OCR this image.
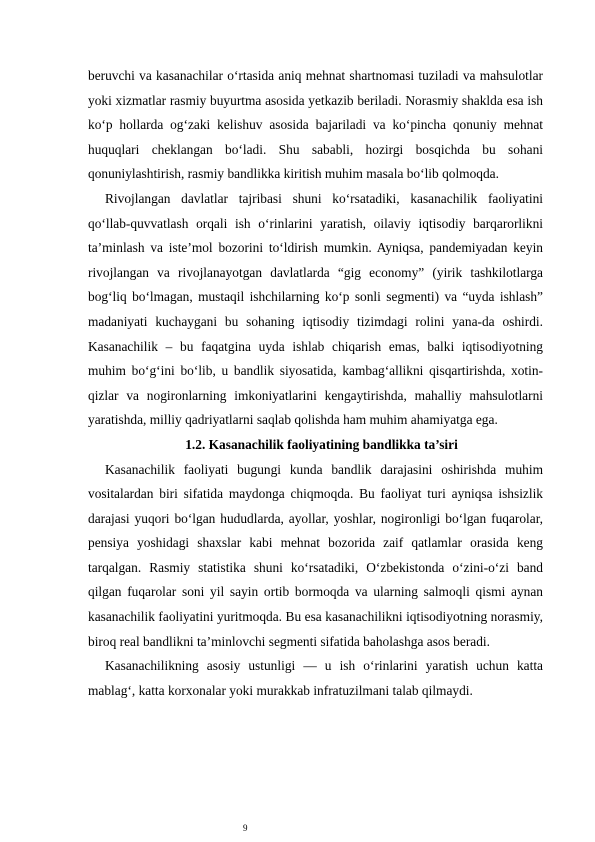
beruvchi va kasanachilar o‘rtasida aniq mehnat shartnomasi tuziladi va mahsulotlar yoki xizmatlar rasmiy buyurtma asosida yetkazib beriladi. Norasmiy shaklda esa ish ko‘p hollarda og‘zaki kelishuv asosida bajariladi va ko‘pincha qonuniy mehnat huquqlari cheklangan bo‘ladi. Shu sababli, hozirgi bosqichda bu sohani qonuniylashtirish, rasmiy bandlikka kiritish muhim masala bo‘lib qolmoqda.

Rivojlangan davlatlar tajribasi shuni ko‘rsatadiki, kasanachilik faoliyatini qo‘llab-quvvatlash orqali ish o‘rinlarini yaratish, oilaviy iqtisodiy barqarorlikni ta’minlash va iste’mol bozorini to‘ldirish mumkin. Ayniqsa, pandemiyadan keyin rivojlangan va rivojlanayotgan davlatlarda “gig economy” (yirik tashkilotlarga bog‘liq bo‘lmagan, mustaqil ishchilarning ko‘p sonli segmenti) va “uyda ishlash” madaniyati kuchaygani bu sohaning iqtisodiy tizimdagi rolini yana-da oshirdi. Kasanachilik – bu faqatgina uyda ishlab chiqarish emas, balki iqtisodiyotning muhim bo‘g‘ini bo‘lib, u bandlik siyosatida, kambag‘allikni qisqartirishda, xotin-qizlar va nogironlarning imkoniyatlarini kengaytirishda, mahalliy mahsulotlarni yaratishda, milliy qadriyatlarni saqlab qolishda ham muhim ahamiyatga ega.

1.2. Kasanachilik faoliyatining bandlikka ta’siri

Kasanachilik faoliyati bugungi kunda bandlik darajasini oshirishda muhim vositalardan biri sifatida maydonga chiqmoqda. Bu faoliyat turi ayniqsa ishsizlik darajasi yuqori bo‘lgan hududlarda, ayollar, yoshlar, nogironligi bo‘lgan fuqarolar, pensiya yoshidagi shaxslar kabi mehnat bozorida zaif qatlamlar orasida keng tarqalgan. Rasmiy statistika shuni ko‘rsatadiki, O‘zbekistonda o‘zini-o‘zi band qilgan fuqarolar soni yil sayin ortib bormoqda va ularning salmoqli qismi aynan kasanachilik faoliyatini yuritmoqda. Bu esa kasanachilikni iqtisodiyotning norasmiy, biroq real bandlikni ta’minlovchi segmenti sifatida baholashga asos beradi.

Kasanachilikning asosiy ustunligi — u ish o‘rinlarini yaratish uchun katta mablag‘, katta korxonalar yoki murakkab infratuzilmani talab qilmaydi.

9
